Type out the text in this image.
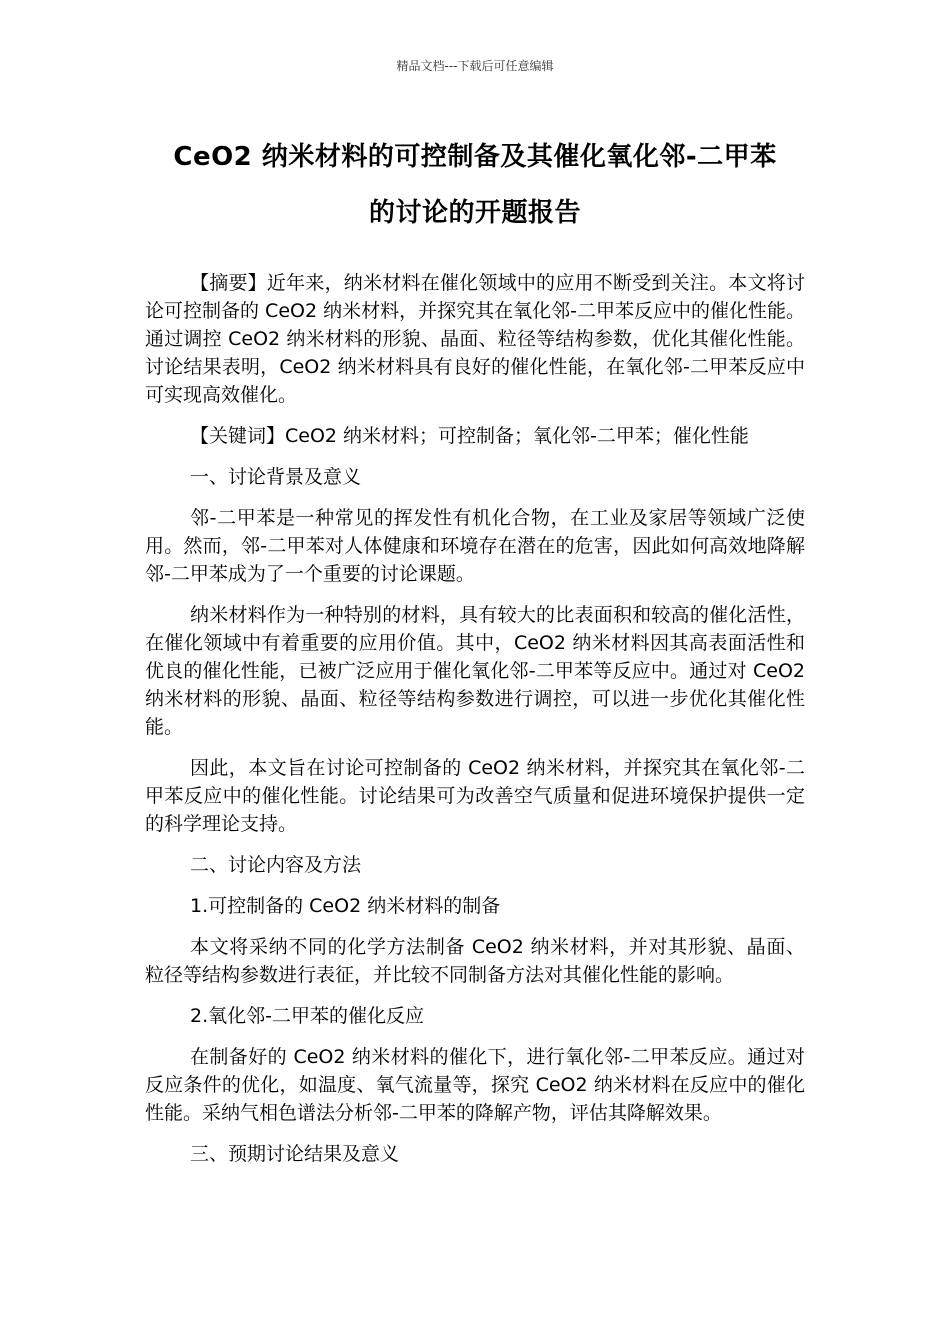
精品文档---下载后可任意编辑
CeO2 纳米材料的可控制备及其催化氧化邻-二甲苯
的讨论的开题报告

【摘要】近年来，纳米材料在催化领域中的应用不断受到关注。本文将讨论可控制备的 CeO2 纳米材料，并探究其在氧化邻-二甲苯反应中的催化性能。通过调控 CeO2 纳米材料的形貌、晶面、粒径等结构参数，优化其催化性能。讨论结果表明，CeO2 纳米材料具有良好的催化性能，在氧化邻-二甲苯反应中可实现高效催化。

【关键词】CeO2 纳米材料；可控制备；氧化邻-二甲苯；催化性能

一、讨论背景及意义

邻-二甲苯是一种常见的挥发性有机化合物，在工业及家居等领域广泛使用。然而，邻-二甲苯对人体健康和环境存在潜在的危害，因此如何高效地降解邻-二甲苯成为了一个重要的讨论课题。

纳米材料作为一种特别的材料，具有较大的比表面积和较高的催化活性，在催化领域中有着重要的应用价值。其中，CeO2 纳米材料因其高表面活性和优良的催化性能，已被广泛应用于催化氧化邻-二甲苯等反应中。通过对 CeO2 纳米材料的形貌、晶面、粒径等结构参数进行调控，可以进一步优化其催化性能。

因此，本文旨在讨论可控制备的 CeO2 纳米材料，并探究其在氧化邻-二甲苯反应中的催化性能。讨论结果可为改善空气质量和促进环境保护提供一定的科学理论支持。

二、讨论内容及方法

1.可控制备的 CeO2 纳米材料的制备

本文将采纳不同的化学方法制备 CeO2 纳米材料，并对其形貌、晶面、粒径等结构参数进行表征，并比较不同制备方法对其催化性能的影响。

2.氧化邻-二甲苯的催化反应

在制备好的 CeO2 纳米材料的催化下，进行氧化邻-二甲苯反应。通过对反应条件的优化，如温度、氧气流量等，探究 CeO2 纳米材料在反应中的催化性能。采纳气相色谱法分析邻-二甲苯的降解产物，评估其降解效果。

三、预期讨论结果及意义
